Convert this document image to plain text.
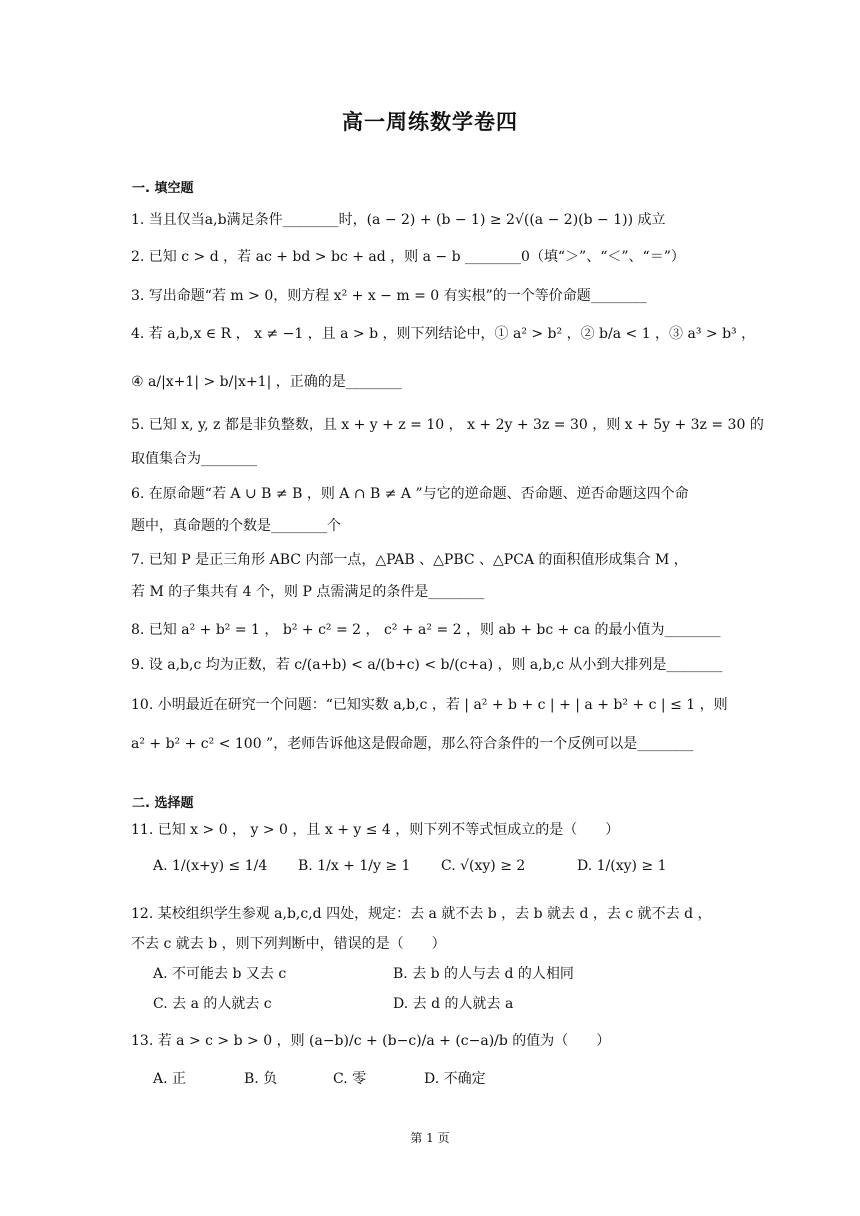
高一周练数学卷四
一. 填空题
1. 当且仅当a,b满足条件________时，(a − 2) + (b − 1) ≥ 2√((a − 2)(b − 1)) 成立
2. 已知 c > d ，若 ac + bd > bc + ad ，则 a − b ________0（填“＞”、“＜”、“＝”）
3. 写出命题“若 m > 0，则方程 x² + x − m = 0 有实根”的一个等价命题________
4. 若 a,b,x ∈ R ， x ≠ −1 ，且 a > b ，则下列结论中，① a² > b² ，② b/a < 1 ，③ a³ > b³ ，
④ a/|x+1| > b/|x+1| ，正确的是________
5. 已知 x, y, z 都是非负整数，且 x + y + z = 10 ， x + 2y + 3z = 30 ，则 x + 5y + 3z = 30 的
取值集合为________
6. 在原命题“若 A ∪ B ≠ B ，则 A ∩ B ≠ A ”与它的逆命题、否命题、逆否命题这四个命
题中，真命题的个数是________个
7. 已知 P 是正三角形 ABC 内部一点，△PAB 、△PBC 、△PCA 的面积值形成集合 M ，
若 M 的子集共有 4 个，则 P 点需满足的条件是________
8. 已知 a² + b² = 1 ， b² + c² = 2 ， c² + a² = 2 ，则 ab + bc + ca 的最小值为________
9. 设 a,b,c 均为正数，若 c/(a+b) < a/(b+c) < b/(c+a) ，则 a,b,c 从小到大排列是________
10. 小明最近在研究一个问题：“已知实数 a,b,c ，若 | a² + b + c | + | a + b² + c | ≤ 1 ，则
a² + b² + c² < 100 ”，老师告诉他这是假命题，那么符合条件的一个反例可以是________
二. 选择题
11. 已知 x > 0 ， y > 0 ，且 x + y ≤ 4 ，则下列不等式恒成立的是（　　）
A. 1/(x+y) ≤ 1/4 B. 1/x + 1/y ≥ 1 C. √(xy) ≥ 2	D. 1/(xy) ≥ 1
12. 某校组织学生参观 a,b,c,d 四处，规定：去 a 就不去 b ，去 b 就去 d ，去 c 就不去 d ，
不去 c 就去 b ，则下列判断中，错误的是（　　）
A. 不可能去 b 又去 c	B. 去 b 的人与去 d 的人相同
C. 去 a 的人就去 c	D. 去 d 的人就去 a
13. 若 a > c > b > 0 ，则 (a−b)/c + (b−c)/a + (c−a)/b 的值为（　　）
A. 正	B. 负	C. 零	D. 不确定
第 1 页
